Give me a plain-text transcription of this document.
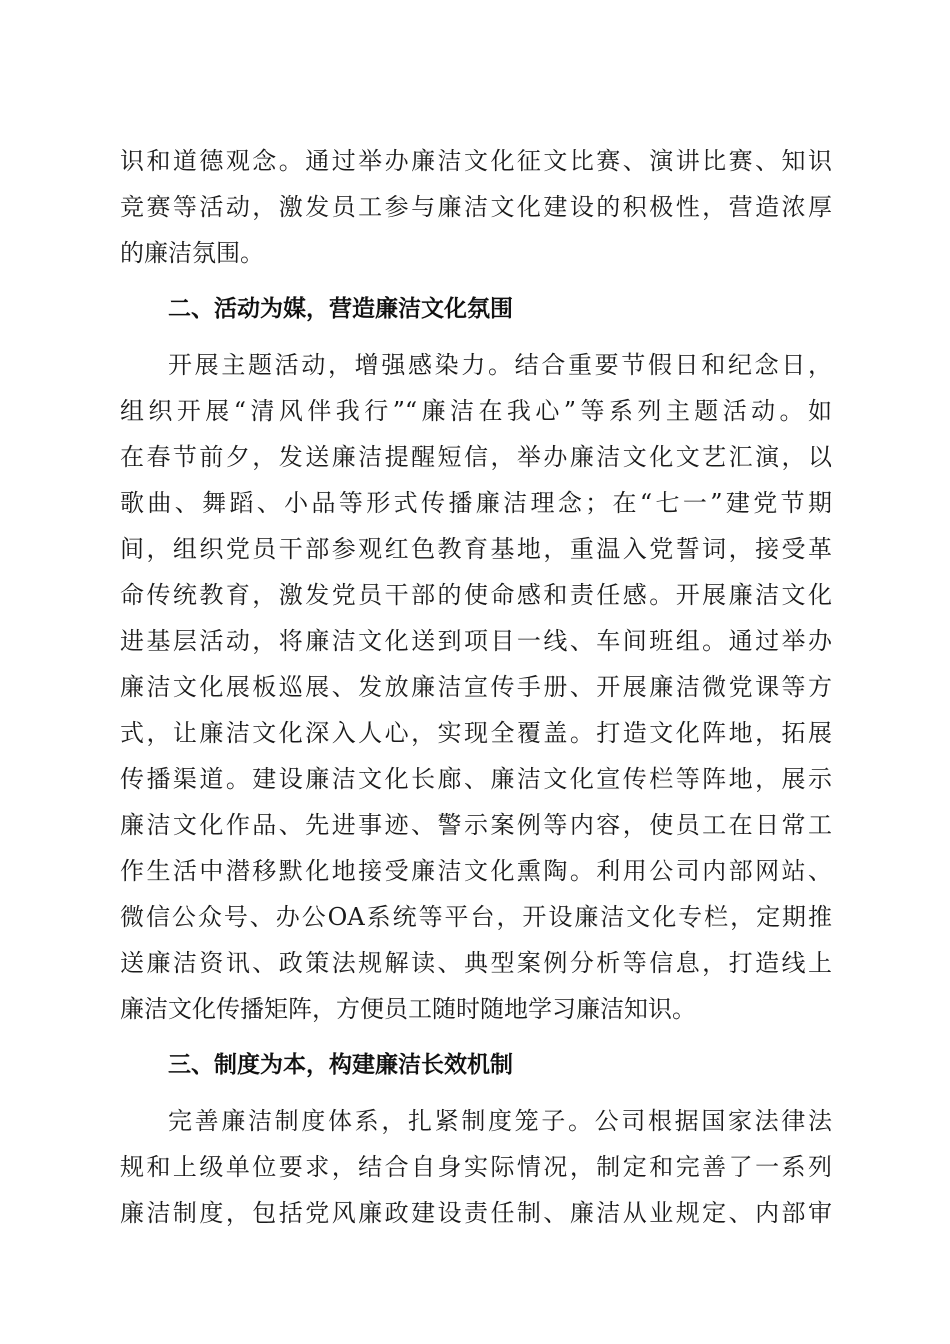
识和道德观念。通过举办廉洁文化征文比赛、演讲比赛、知识
竞赛等活动，激发员工参与廉洁文化建设的积极性，营造浓厚
的廉洁氛围。
二、活动为媒，营造廉洁文化氛围
开展主题活动，增强感染力。结合重要节假日和纪念日，
组织开展“清风伴我行”“廉洁在我心”等系列主题活动。如
在春节前夕，发送廉洁提醒短信，举办廉洁文化文艺汇演，以
歌曲、舞蹈、小品等形式传播廉洁理念；在“七一”建党节期
间，组织党员干部参观红色教育基地，重温入党誓词，接受革
命传统教育，激发党员干部的使命感和责任感。开展廉洁文化
进基层活动，将廉洁文化送到项目一线、车间班组。通过举办
廉洁文化展板巡展、发放廉洁宣传手册、开展廉洁微党课等方
式，让廉洁文化深入人心，实现全覆盖。打造文化阵地，拓展
传播渠道。建设廉洁文化长廊、廉洁文化宣传栏等阵地，展示
廉洁文化作品、先进事迹、警示案例等内容，使员工在日常工
作生活中潜移默化地接受廉洁文化熏陶。利用公司内部网站、
微信公众号、办公OA系统等平台，开设廉洁文化专栏，定期推
送廉洁资讯、政策法规解读、典型案例分析等信息，打造线上
廉洁文化传播矩阵，方便员工随时随地学习廉洁知识。
三、制度为本，构建廉洁长效机制
完善廉洁制度体系，扎紧制度笼子。公司根据国家法律法
规和上级单位要求，结合自身实际情况，制定和完善了一系列
廉洁制度，包括党风廉政建设责任制、廉洁从业规定、内部审
